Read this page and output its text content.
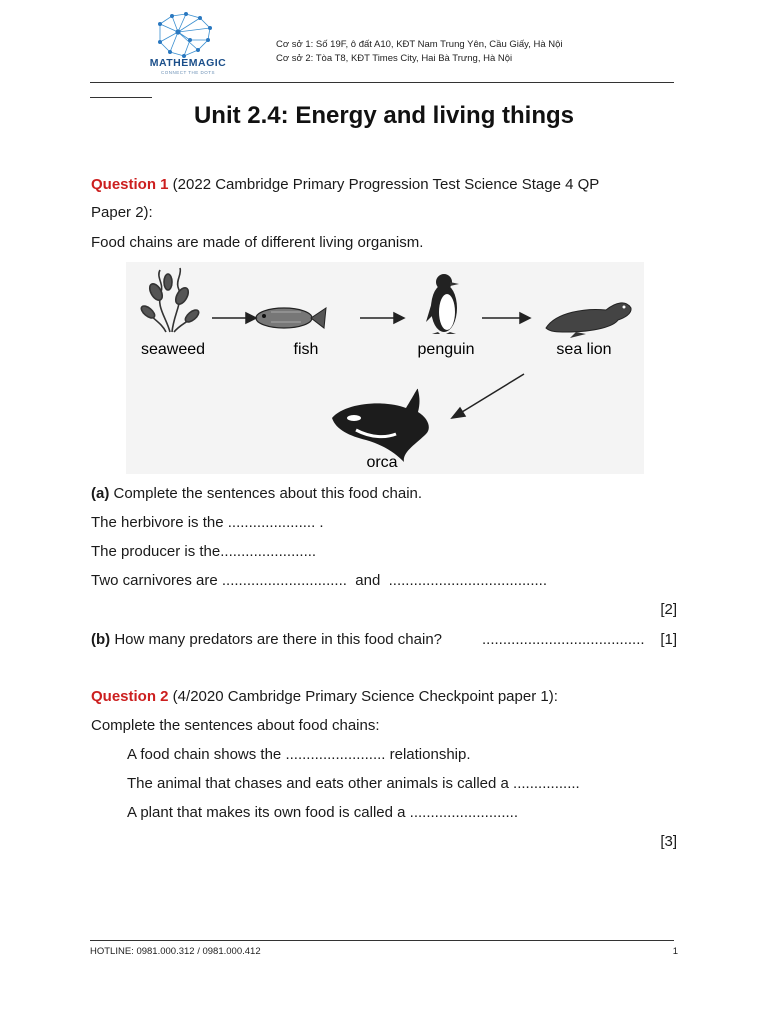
MATHEMAGIC
CONNECT THE DOTS
Cơ sở 1: Số 19F, ô đất A10, KĐT Nam Trung Yên, Cầu Giấy, Hà Nội
Cơ sở 2: Tòa T8, KĐT Times City, Hai Bà Trưng, Hà Nội
Unit 2.4: Energy and living things
Question 1 (2022 Cambridge Primary Progression Test Science Stage 4 QP
Paper 2):
Food chains are made of different living organism.
seaweed	fish	penguin	sea lion
orca
(a) Complete the sentences about this food chain.
The herbivore is the ..................... .
The producer is the.......................
Two carnivores are .............................. and ......................................
[2]
(b) How many predators are there in this food chain?	....................................... [1]
Question 2 (4/2020 Cambridge Primary Science Checkpoint paper 1):
Complete the sentences about food chains:
A food chain shows the ........................ relationship.
The animal that chases and eats other animals is called a ................
A plant that makes its own food is called a ..........................
[3]
HOTLINE: 0981.000.312 / 0981.000.412	1
